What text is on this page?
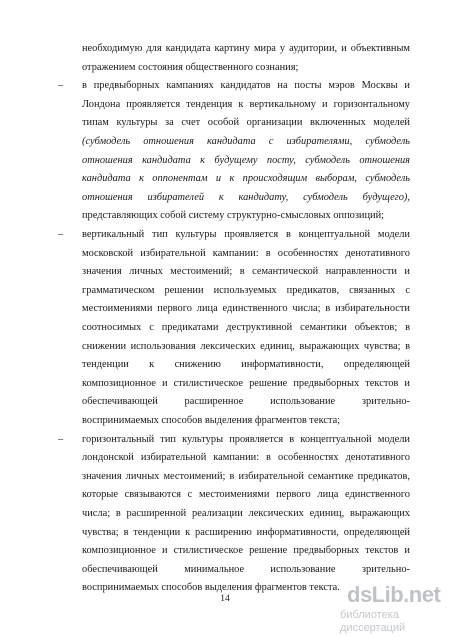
необходимую для кандидата картину мира у аудитории, и объективным
отражением состояния общественного сознания;
– в предвыборных кампаниях кандидатов на посты мэров Москвы и
Лондона проявляется тенденция к вертикальному и горизонтальному
типам культуры за счет особой организации включенных моделей
(субмодель отношения кандидата с избирателями, субмодель
отношения кандидата к будущему посту, субмодель отношения
кандидата к оппонентам и к происходящим выборам, субмодель
отношения избирателей к кандидату, субмодель будущего),
представляющих собой систему структурно-смысловых оппозиций;
– вертикальный тип культуры проявляется в концептуальной модели
московской избирательной кампании: в особенностях денотативного
значения личных местоимений; в семантической направленности и
грамматическом решении используемых предикатов, связанных с
местоимениями первого лица единственного числа; в избирательности
соотносимых с предикатами деструктивной семантики объектов; в
снижении использования лексических единиц, выражающих чувства; в
тенденции к снижению информативности, определяющей
композиционное и стилистическое решение предвыборных текстов и
обеспечивающей расширенное использование зрительно-
воспринимаемых способов выделения фрагментов текста;
– горизонтальный тип культуры проявляется в концептуальной модели
лондонской избирательной кампании: в особенностях денотативного
значения личных местоимений; в избирательной семантике предикатов,
которые связываются с местоимениями первого лица единственного
числа; в расширенной реализации лексических единиц, выражающих
чувства; в тенденции к расширению информативности, определяющей
композиционное и стилистическое решение предвыборных текстов и
обеспечивающей минимальное использование зрительно-
воспринимаемых способов выделения фрагментов текста.
14	dsLib.net
библиотека диссертаций
